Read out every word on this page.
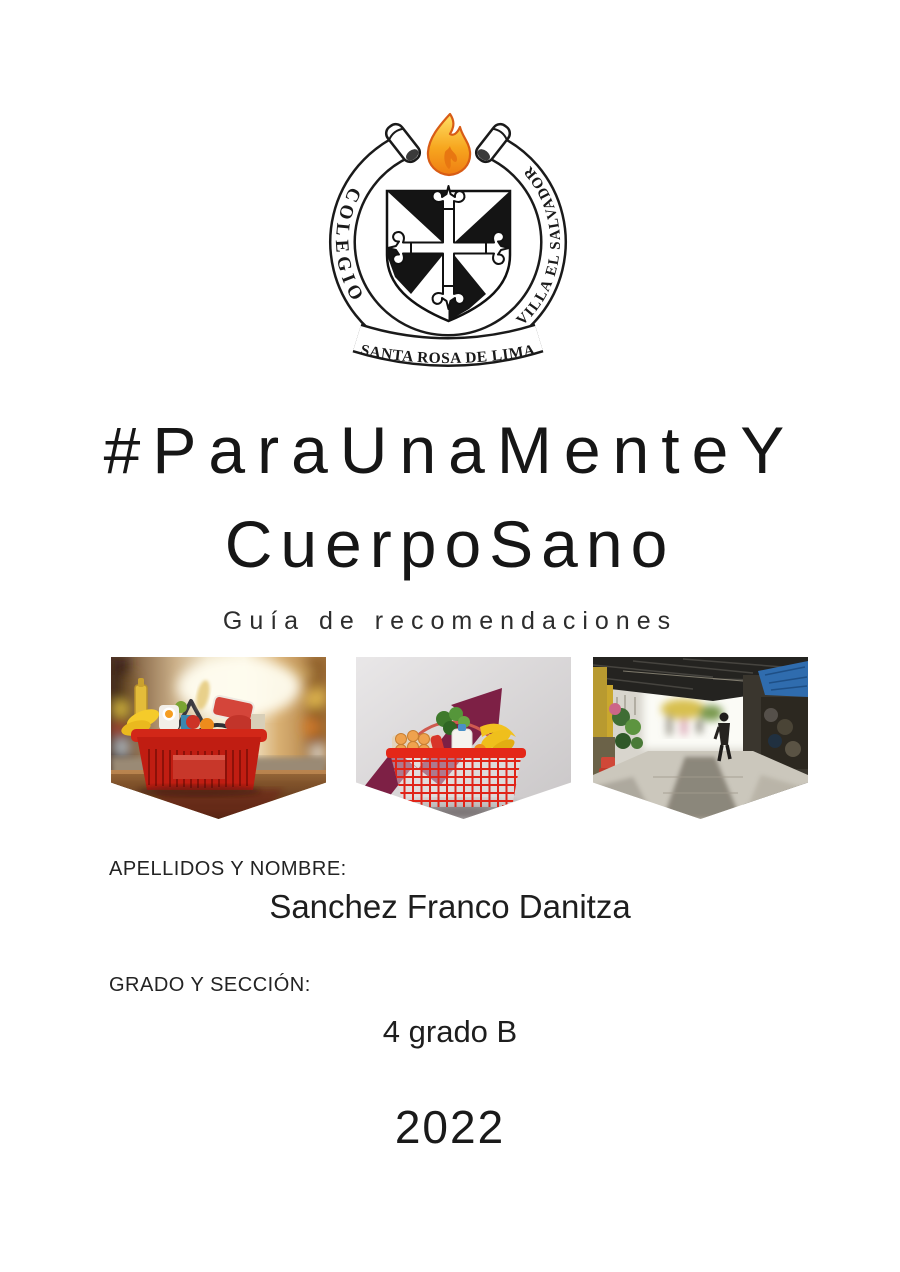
COLEGIO
VILLA EL SALVADOR
SANTA ROSA DE LIMA
#ParaUnaMenteY
CuerpoSano
Guía de recomendaciones
APELLIDOS Y NOMBRE:
Sanchez Franco Danitza
GRADO Y SECCIÓN:
4 grado B
2022
